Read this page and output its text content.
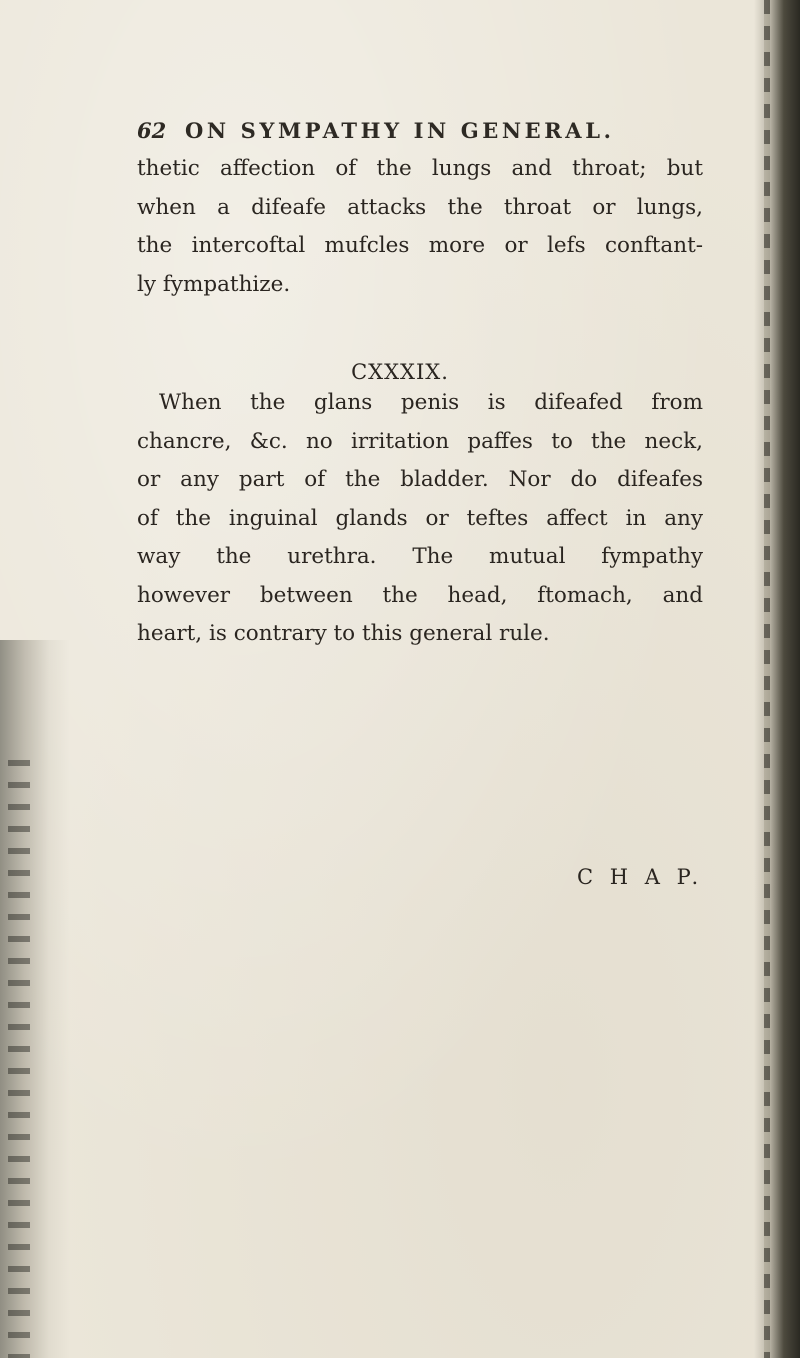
62 ON SYMPATHY IN GENERAL.
thetic affection of the lungs and throat; but
when a difeafe attacks the throat or lungs,
the intercoftal mufcles more or lefs conftant-
ly fympathize.
CXXXIX.
When the glans penis is difeafed from
chancre, &c. no irritation paffes to the neck,
or any part of the bladder. Nor do difeafes
of the inguinal glands or teftes affect in any
way the urethra. The mutual fympathy
however between the head, ftomach, and
heart, is contrary to this general rule.
C H A P.
